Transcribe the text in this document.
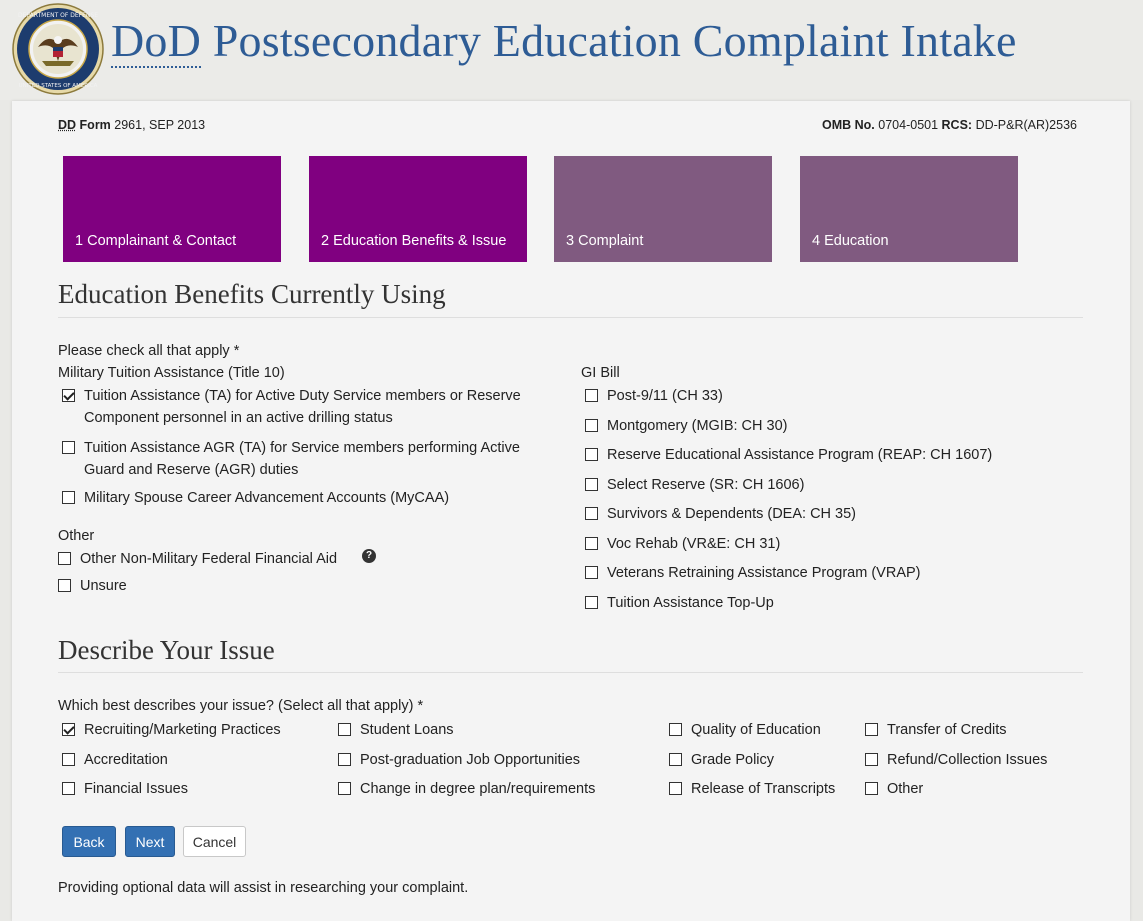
DEPARTMENT OF DEFENSE
UNITED STATES OF AMERICA
DoD Postsecondary Education Complaint Intake
DD Form 2961, SEP 2013	OMB No. 0704-0501 RCS: DD-P&R(AR)2536
1 Complainant & Contact	2 Education Benefits & Issue	3 Complaint	4 Education
Education Benefits Currently Using
Please check all that apply *
Military Tuition Assistance (Title 10)
Tuition Assistance (TA) for Active Duty Service members or Reserve Component personnel in an active drilling status
Tuition Assistance AGR (TA) for Service members performing Active Guard and Reserve (AGR) duties
Military Spouse Career Advancement Accounts (MyCAA)
Other
Other Non-Military Federal Financial Aid	?
Unsure
GI Bill
Post-9/11 (CH 33)
Montgomery (MGIB: CH 30)
Reserve Educational Assistance Program (REAP: CH 1607)
Select Reserve (SR: CH 1606)
Survivors & Dependents (DEA: CH 35)
Voc Rehab (VR&E: CH 31)
Veterans Retraining Assistance Program (VRAP)
Tuition Assistance Top-Up
Describe Your Issue
Which best describes your issue? (Select all that apply) *
Recruiting/Marketing Practices
Accreditation
Financial Issues
Student Loans
Post-graduation Job Opportunities
Change in degree plan/requirements
Quality of Education
Grade Policy
Release of Transcripts
Transfer of Credits
Refund/Collection Issues
Other
Back	Next	Cancel
Providing optional data will assist in researching your complaint.
